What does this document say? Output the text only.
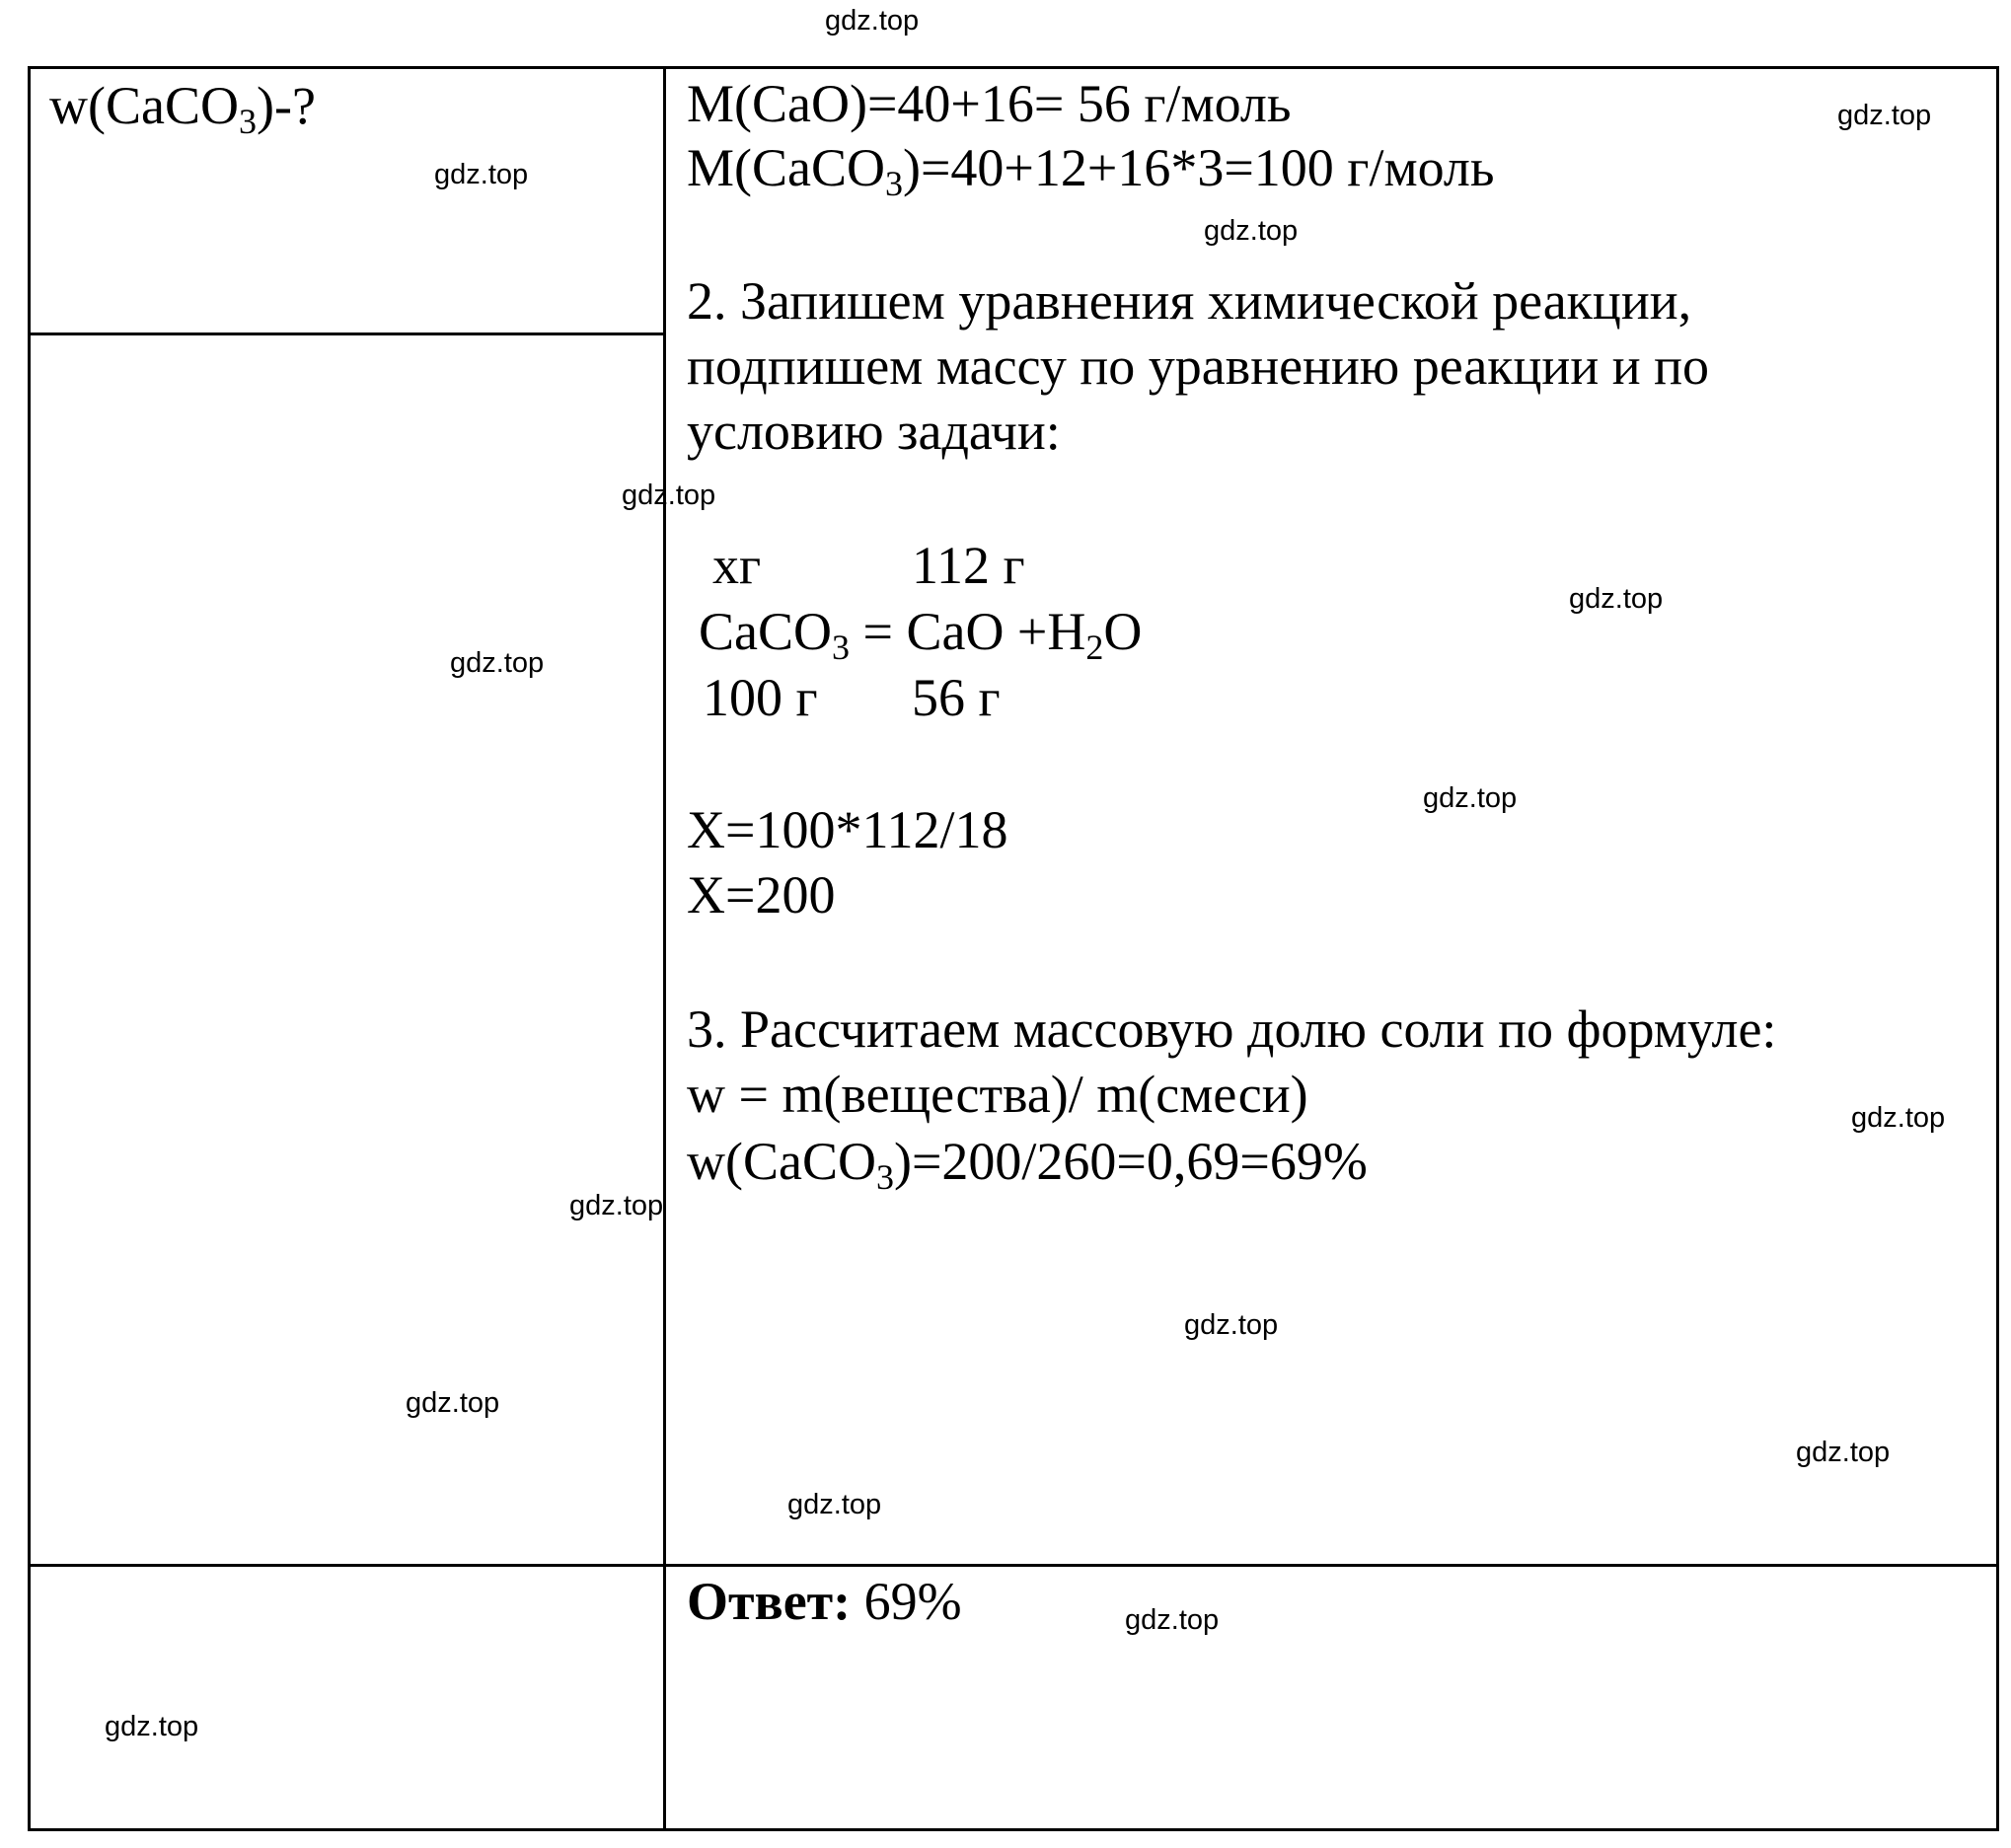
w(CaCO$_3$)-?	M(CaO)=40+16= 56 г/моль
M(CaCO$_3$)=40+12+16*3=100 г/моль
2. Запишем уравнения химической реакции,
подпишем массу по уравнению реакции и по
условию задачи:
xг	112 г
CaCO$_3$ = CaO $+H_2O$
100 г 56 г
X=100*112/18
X=200
3. Рассчитаем массовую долю соли по формуле:
w = m(вещества)/ m(смеси)
w(CaCO$_3$)=200/260=0,69=69%
Ответ: 69%
gdz.top
gdz.top
gdz.top
gdz.top
gdz.top
gdz.top
gdz.top
gdz.top
gdz.top
gdz.top
gdz.top
gdz.top
gdz.top
gdz.top
gdz.top
gdz.top
